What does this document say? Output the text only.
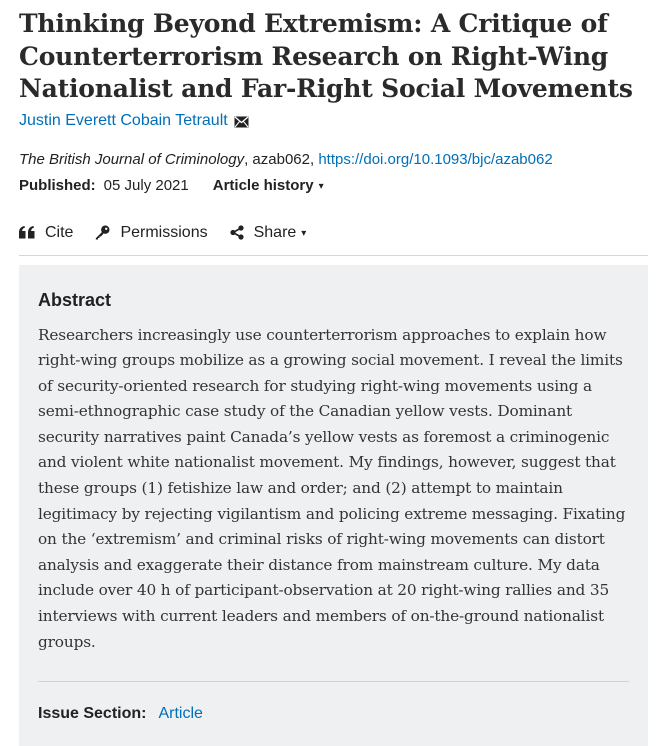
Thinking Beyond Extremism: A Critique of Counterterrorism Research on Right-Wing Nationalist and Far-Right Social Movements
Justin Everett Cobain Tetrault
The British Journal of Criminology, azab062, https://doi.org/10.1093/bjc/azab062
Published: 05 July 2021 Article history ▾
Cite	Permissions	Share ▾
Abstract

Researchers increasingly use counterterrorism approaches to explain how right-wing groups mobilize as a growing social movement. I reveal the limits of security-oriented research for studying right-wing movements using a semi-ethnographic case study of the Canadian yellow vests. Dominant security narratives paint Canada’s yellow vests as foremost a criminogenic and violent white nationalist movement. My findings, however, suggest that these groups (1) fetishize law and order; and (2) attempt to maintain legitimacy by rejecting vigilantism and policing extreme messaging. Fixating on the ‘extremism’ and criminal risks of right-wing movements can distort analysis and exaggerate their distance from mainstream culture. My data include over 40 h of participant-observation at 20 right-wing rallies and 35 interviews with current leaders and members of on-the-ground nationalist groups.

Issue Section: Article
